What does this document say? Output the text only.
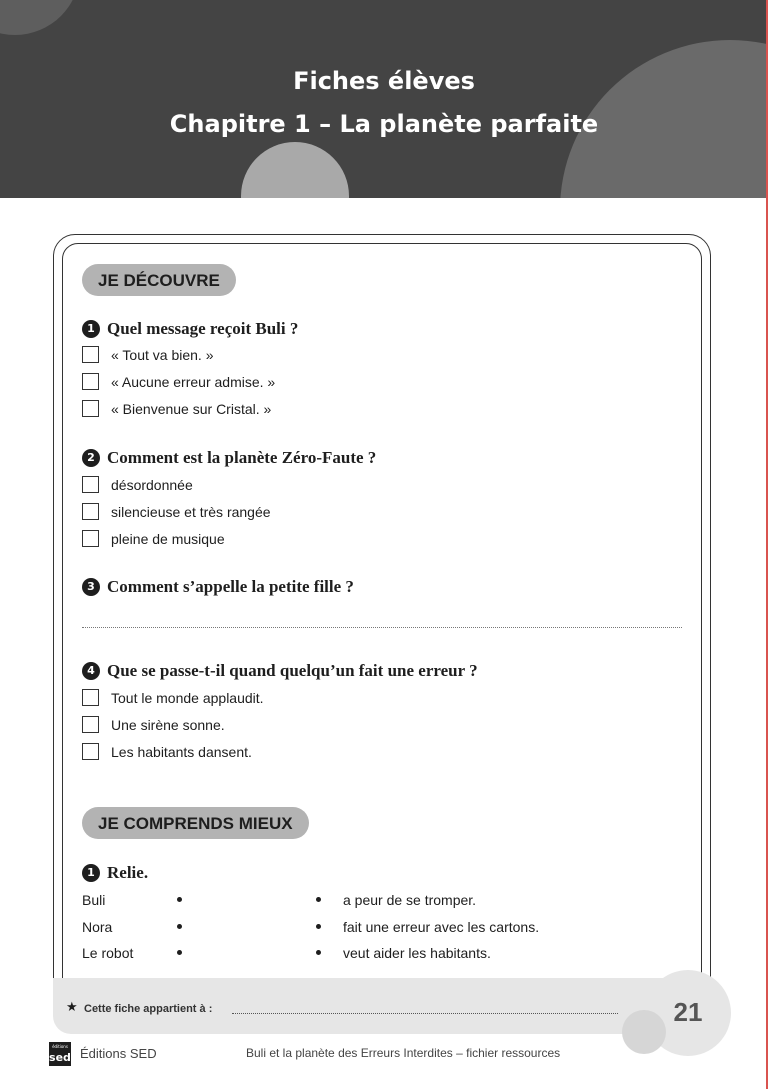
Fiches élèves
Chapitre 1 – La planète parfaite
JE DÉCOUVRE
1 Quel message reçoit Buli ?
« Tout va bien. »
« Aucune erreur admise. »
« Bienvenue sur Cristal. »
2 Comment est la planète Zéro-Faute ?
désordonnée
silencieuse et très rangée
pleine de musique
3 Comment s’appelle la petite fille ?
4 Que se passe-t-il quand quelqu’un fait une erreur ?
Tout le monde applaudit.
Une sirène sonne.
Les habitants dansent.
JE COMPRENDS MIEUX
1 Relie.
Buli
Nora
Le robot
a peur de se tromper.
fait une erreur avec les cartons.
veut aider les habitants.
★ Cette fiche appartient à :	21
éditions
sed Éditions SED	Buli et la planète des Erreurs Interdites – fichier ressources
